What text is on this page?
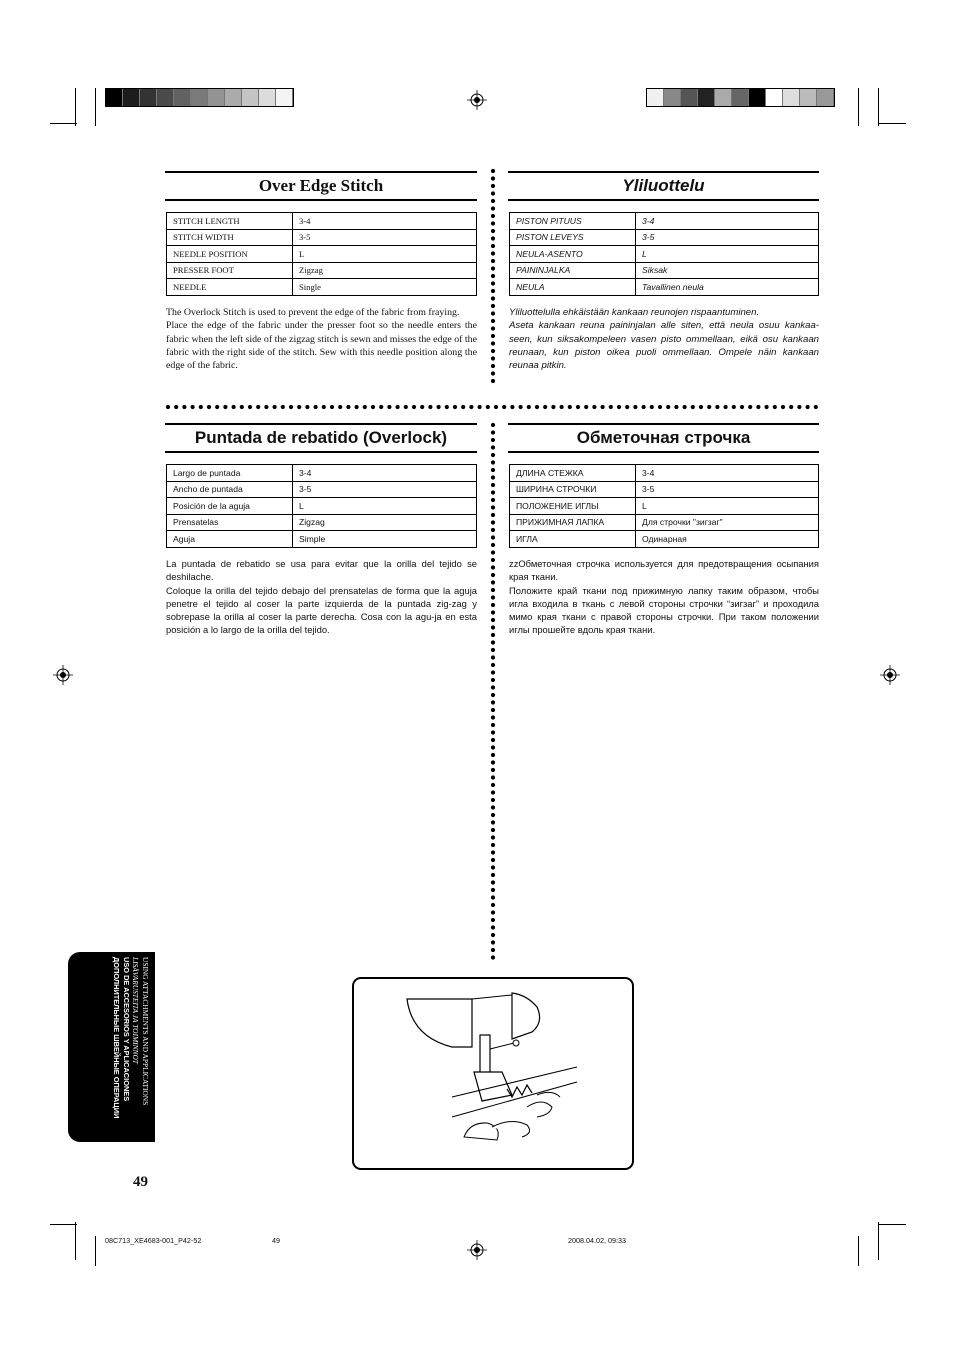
Over Edge Stitch
STITCH LENGTH	3-4
STITCH WIDTH	3-5
NEEDLE POSITION	L
PRESSER FOOT	Zigzag
NEEDLE	Single

The Overlock Stitch is used to prevent the edge of the fabric from fraying.

Place the edge of the fabric under the presser foot so the needle enters the fabric when the left side of the zigzag stitch is sewn and misses the edge of the fabric with the right side of the stitch. Sew with this needle position along the edge of the fabric.

Yliluottelu
PISTON PITUUS	3-4
PISTON LEVEYS	3-5
NEULA-ASENTO	L
PAININJALKA	Siksak
NEULA	Tavallinen neula

Yliluottelulla ehkäistään kankaan reunojen rispaantuminen.

Aseta kankaan reuna paininjalan alle siten, että neula osuu kankaa-seen, kun siksakompeleen vasen pisto ommellaan, eikä osu kankaan reunaan, kun piston oikea puoli ommellaan. Ompele näin kankaan reunaa pitkin.

Puntada de rebatido (Overlock)
Largo de puntada	3-4
Ancho de puntada	3-5
Posición de la aguja	L
Prensatelas	Zigzag
Aguja	Simple

La puntada de rebatido se usa para evitar que la orilla del tejido se deshilache.

Coloque la orilla del tejido debajo del prensatelas de forma que la aguja penetre el tejido al coser la parte izquierda de la puntada zig-zag y sobrepase la orilla al coser la parte derecha. Cosa con la agu-ja en esta posición a lo largo de la orilla del tejido.

Обметочная строчка
ДЛИНА СТЕЖКА	3-4
ШИРИНА СТРОЧКИ	3-5
ПОЛОЖЕНИЕ ИГЛЫ	L
ПРИЖИМНАЯ ЛАПКА	Для строчки "зигзаг"
ИГЛА	Одинарная

zzОбметочная строчка используется для предотвращения осыпания края ткани.

Положите край ткани под прижимную лапку таким образом, чтобы игла входила в ткань с левой стороны строчки “зигзаг” и проходила мимо края ткани с правой стороны строчки. При таком положении иглы прошейте вдоль края ткани.

USING ATTACHMENTS AND APPLICATIONS
LISÄVARUSTEITA JA TOIMINNOT
USO DE ACCESORIOS Y APLICACIONES
ДОПОЛНИТЕЛЬНЫЕ ШВЕЙНЫЕ ОПЕРАЦИИ
49
08C713_XE4683-001_P42-52	49	2008.04.02, 09:33
